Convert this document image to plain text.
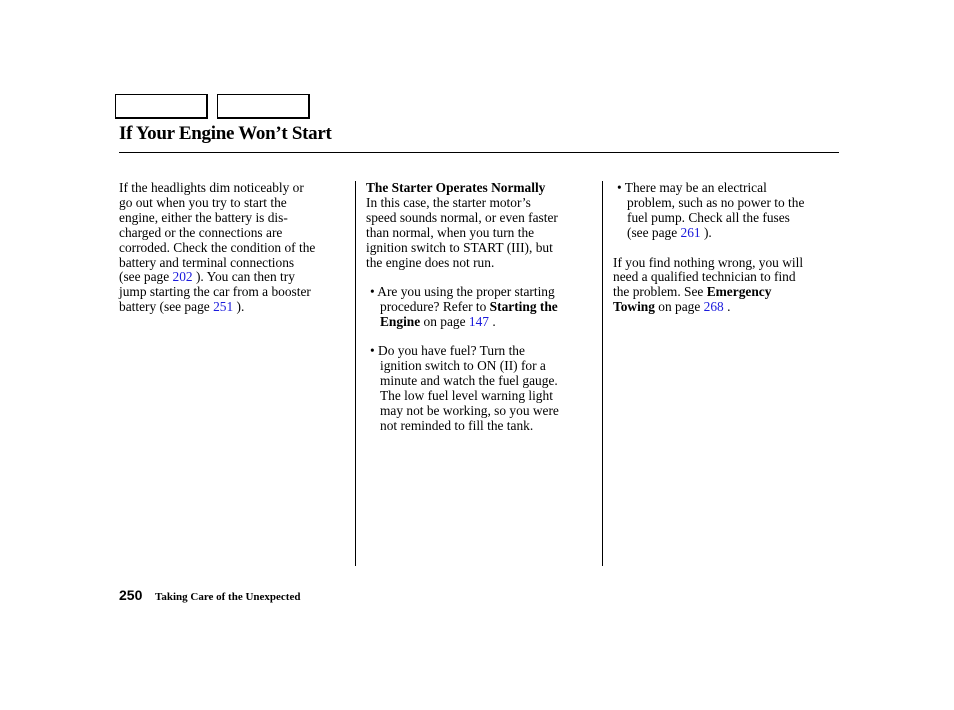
If Your Engine Won’t Start
If the headlights dim noticeably or
go out when you try to start the
engine, either the battery is dis-
charged or the connections are
corroded. Check the condition of the
battery and terminal connections
(see page 202 ). You can then try
jump starting the car from a booster
battery (see page 251 ).
The Starter Operates Normally
In this case, the starter motor’s
speed sounds normal, or even faster
than normal, when you turn the
ignition switch to START (III), but
the engine does not run.
• Are you using the proper starting
procedure? Refer to Starting the
Engine on page 147 .
• Do you have fuel? Turn the
ignition switch to ON (II) for a
minute and watch the fuel gauge.
The low fuel level warning light
may not be working, so you were
not reminded to fill the tank.
• There may be an electrical
problem, such as no power to the
fuel pump. Check all the fuses
(see page 261 ).
If you find nothing wrong, you will
need a qualified technician to find
the problem. See Emergency
Towing on page 268 .
250 Taking Care of the Unexpected
